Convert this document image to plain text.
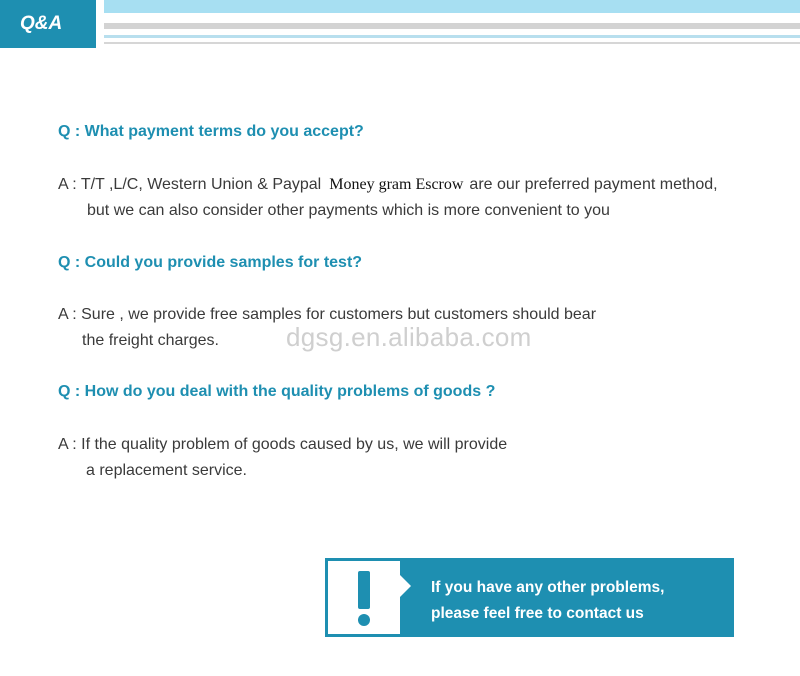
Q&A
Q : What payment terms do you accept?
A : T/T ,L/C, Western Union & Paypal Money gram Escrow are our preferred payment method,
but we can also consider other payments which is more convenient to you
Q : Could you provide samples for test?
A : Sure , we provide free samples for customers but customers should bear
the freight charges.	dgsg.en.alibaba.com
Q : How do you deal with the quality problems of goods ?
A : If the quality problem of goods caused by us, we will provide
a replacement service.
If you have any other problems,
please feel free to contact us
